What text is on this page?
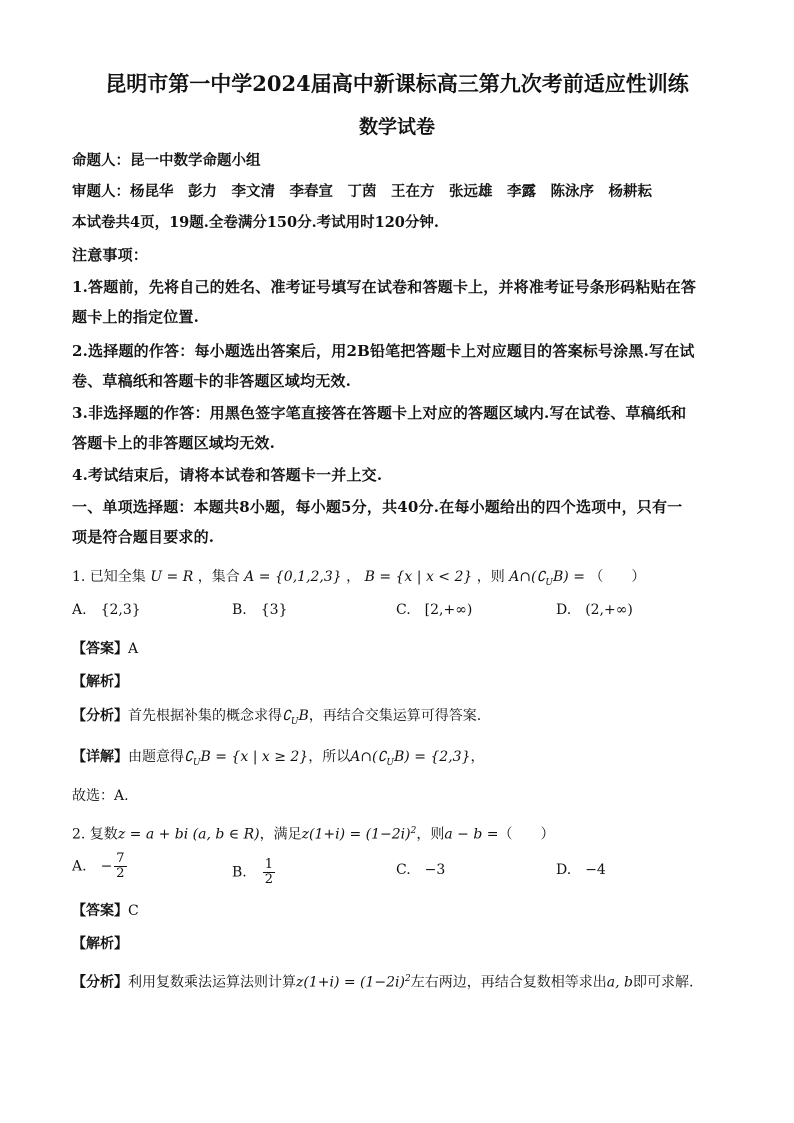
昆明市第一中学2024届高中新课标高三第九次考前适应性训练
数学试卷
命题人：昆一中数学命题小组
审题人：杨昆华　彭力　李文清　李春宣　丁茵　王在方　张远雄　李露　陈泳序　杨耕耘
本试卷共4页，19题.全卷满分150分.考试用时120分钟.
注意事项：
1.答题前，先将自己的姓名、准考证号填写在试卷和答题卡上，并将准考证号条形码粘贴在答
题卡上的指定位置.
2.选择题的作答：每小题选出答案后，用2B铅笔把答题卡上对应题目的答案标号涂黑.写在试
卷、草稿纸和答题卡的非答题区域均无效.
3.非选择题的作答：用黑色签字笔直接答在答题卡上对应的答题区域内.写在试卷、草稿纸和
答题卡上的非答题区域均无效.
4.考试结束后，请将本试卷和答题卡一并上交.
一、单项选择题：本题共8小题，每小题5分，共40分.在每小题给出的四个选项中，只有一
项是符合题目要求的.
1. 已知全集 U = R ，集合 A = {0,1,2,3} ， B = {x | x < 2} ，则 $A\cap(∁_UB)$ = （　　）
A. {2,3}	B. {3}	C. [2,+∞)	D. (2,+∞)
【答案】A
【解析】
【分析】首先根据补集的概念求得$∁_UB$，再结合交集运算可得答案.
【详解】由题意得$∁_UB = \{x$ | x ≥ 2}，所以$A\cap(∁_UB) = \{2,3\}$，
故选：A.
2. 复数z = a + bi (a, b ∈ R)，满足$z(1+i) = (1-2i)^2$，则a − b =（　　）
A. − $\frac{7}{2}$	B. $\frac{1}{2}$	C. −3	D. −4
【答案】C
【解析】
【分析】利用复数乘法运算法则计算$z(1+i) = (1-2i)^2$左右两边，再结合复数相等求出a, b即可求解.
